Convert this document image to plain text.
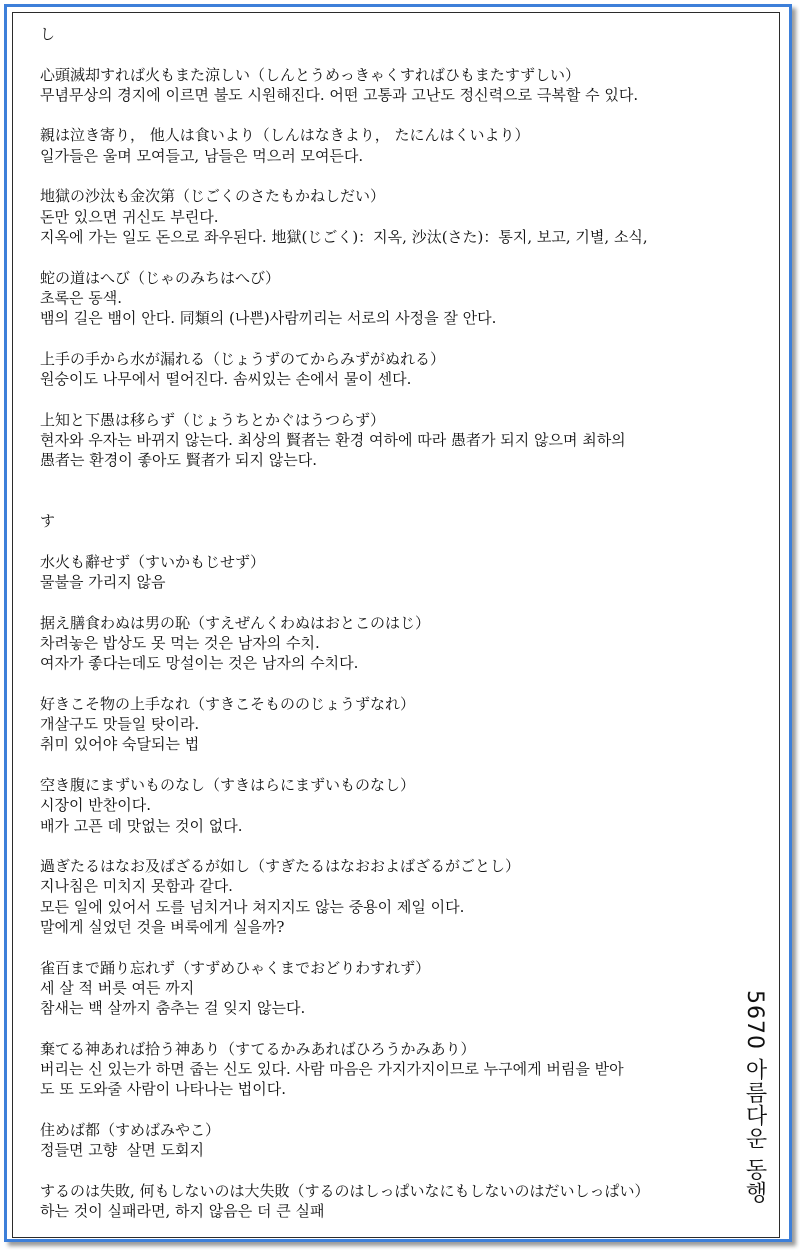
し
心頭滅却すれば火もまた涼しい（しんとうめっきゃくすればひもまたすずしい）
무념무상의 경지에 이르면 불도 시원해진다. 어떤 고통과 고난도 정신력으로 극복할 수 있다.
親は泣き寄り， 他人は食いより（しんはなきより， たにんはくいより）
일가들은 울며 모여들고, 남들은 먹으러 모여든다.
地獄の沙汰も金次第（じごくのさたもかねしだい）
돈만 있으면 귀신도 부린다.
지옥에 가는 일도 돈으로 좌우된다. 地獄(じごく)：지옥, 沙汰(さた)：통지, 보고, 기별, 소식,
蛇の道はへび（じゃのみちはへび）
초록은 동색.
뱀의 길은 뱀이 안다. 同類의 (나쁜)사람끼리는 서로의 사정을 잘 안다.
上手の手から水が漏れる（じょうずのてからみずがぬれる）
원숭이도 나무에서 떨어진다. 솜씨있는 손에서 물이 센다.
上知と下愚は移らず（じょうちとかぐはうつらず）
현자와 우자는 바뀌지 않는다. 최상의 賢者는 환경 여하에 따라 愚者가 되지 않으며 최하의
愚者는 환경이 좋아도 賢者가 되지 않는다.
す
水火も辭せず（すいかもじせず）
물불을 가리지 않음
据え膳食わぬは男の恥（すえぜんくわぬはおとこのはじ）
차려놓은 밥상도 못 먹는 것은 남자의 수치.
여자가 좋다는데도 망설이는 것은 남자의 수치다.
好きこそ物の上手なれ（すきこそもののじょうずなれ）
개살구도 맛들일 탓이라.
취미 있어야 숙달되는 법
空き腹にまずいものなし（すきはらにまずいものなし）
시장이 반찬이다.
배가 고픈 데 맛없는 것이 없다.
過ぎたるはなお及ばざるが如し（すぎたるはなおおよばざるがごとし）
지나침은 미치지 못함과 같다.
모든 일에 있어서 도를 넘치거나 쳐지지도 않는 중용이 제일 이다.
말에게 실었던 것을 벼룩에게 실을까?
雀百まで踊り忘れず（すずめひゃくまでおどりわすれず）
세 살 적 버릇 여든 까지
참새는 백 살까지 춤추는 걸 잊지 않는다.
棄てる神あれば拾う神あり（すてるかみあればひろうかみあり）
버리는 신 있는가 하면 줍는 신도 있다. 사람 마음은 가지가지이므로 누구에게 버림을 받아
도 또 도와줄 사람이 나타나는 법이다.
住めば都（すめばみやこ）
정들면 고향  살면 도회지
するのは失敗, 何もしないのは大失敗（するのはしっぱいなにもしないのはだいしっぱい）
하는 것이 실패라면, 하지 않음은 더 큰 실패
5670 아름다운 동행
